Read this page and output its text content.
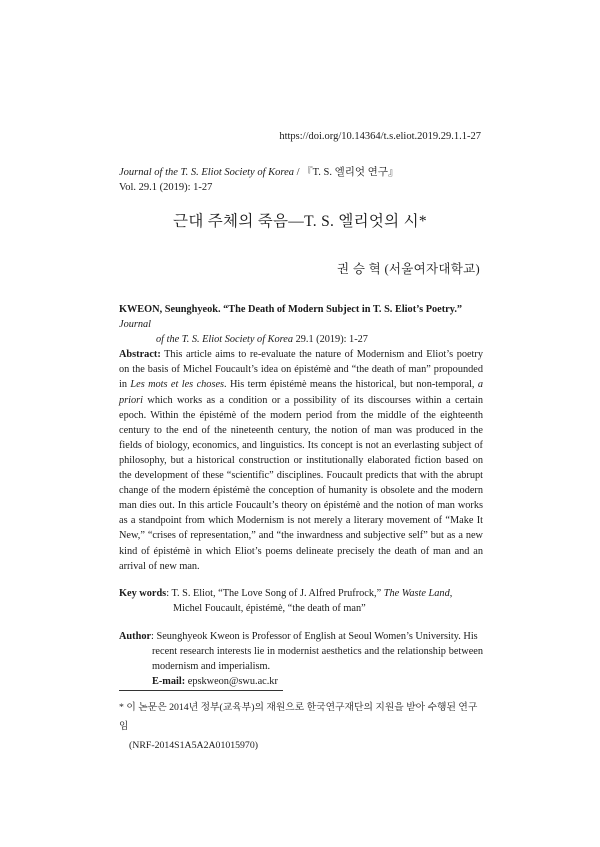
https://doi.org/10.14364/t.s.eliot.2019.29.1.1-27
Journal of the T. S. Eliot Society of Korea / 『T. S. 엘리엇 연구』
Vol. 29.1 (2019): 1-27
근대 주체의 죽음—T. S. 엘리엇의 시*
권 승 혁 (서울여자대학교)
KWEON, Seunghyeok. “The Death of Modern Subject in T. S. Eliot’s Poetry.” Journal
of the T. S. Eliot Society of Korea 29.1 (2019): 1-27
Abstract: This article aims to re-evaluate the nature of Modernism and Eliot’s poetry on the basis of Michel Foucault’s idea on épistémè and “the death of man” propounded in Les mots et les choses. His term épistémè means the historical, but non-temporal, a priori which works as a condition or a possibility of its discourses within a certain epoch. Within the épistémè of the modern period from the middle of the eighteenth century to the end of the nineteenth century, the notion of man was produced in the fields of biology, economics, and linguistics. Its concept is not an everlasting subject of philosophy, but a historical construction or institutionally elaborated fiction based on the development of these “scientific” disciplines. Foucault predicts that with the abrupt change of the modern épistémè the conception of humanity is obsolete and the modern man dies out. In this article Foucault’s theory on épistémè and the notion of man works as a standpoint from which Modernism is not merely a literary movement of “Make It New,” “crises of representation,” and “the inwardness and subjective self” but as a new kind of épistémè in which Eliot’s poems delineate precisely the death of man and an arrival of new man.
Key words: T. S. Eliot, “The Love Song of J. Alfred Prufrock,” The Waste Land,
Michel Foucault, épistémè, “the death of man”
Author: Seunghyeok Kweon is Professor of English at Seoul Women’s University. His
recent research interests lie in modernist aesthetics and the relationship between modernism and imperialism.
E-mail: epskweon@swu.ac.kr
* 이 논문은 2014년 정부(교육부)의 재원으로 한국연구재단의 지원을 받아 수행된 연구임
(NRF-2014S1A5A2A01015970)
